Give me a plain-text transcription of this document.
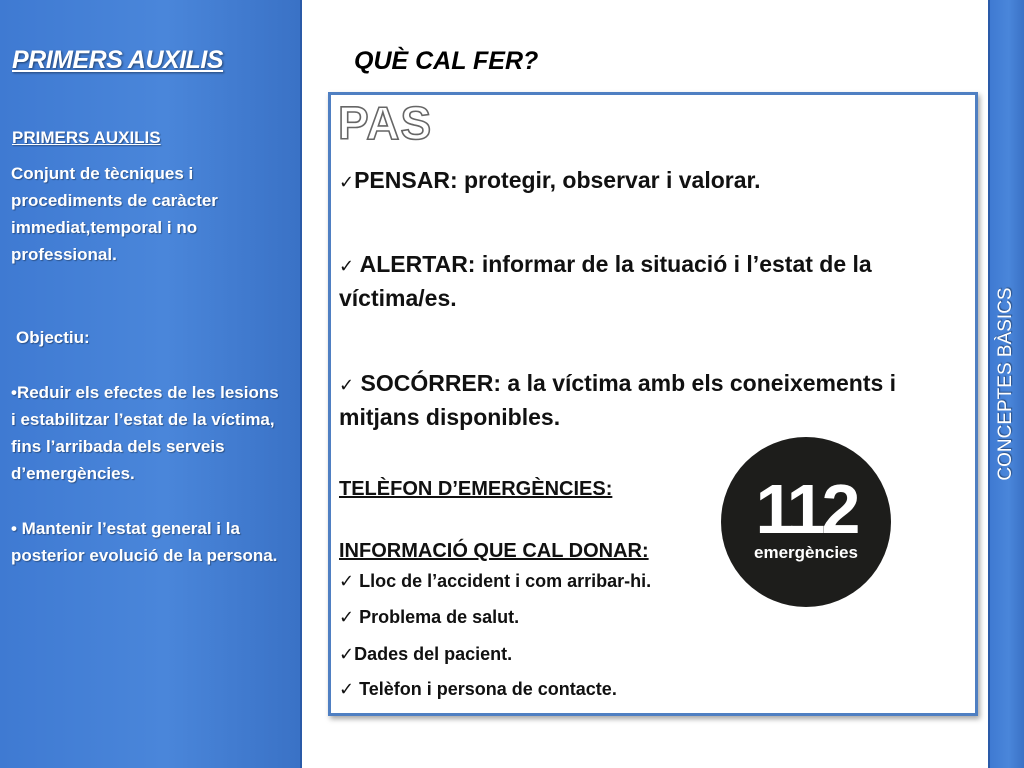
PRIMERS AUXILIS
PRIMERS AUXILIS
Conjunt de tècniques i procediments de caràcter immediat,temporal i no professional.
Objectiu:
•Reduir els efectes de les lesions i estabilitzar l’estat de la víctima, fins l’arribada dels serveis d’emergències.
• Mantenir l’estat general i la posterior evolució de la persona.
CONCEPTES BÀSICS
QUÈ CAL FER?
PAS
✓PENSAR: protegir, observar i valorar.
✓ ALERTAR: informar de la situació i l’estat de la víctima/es.
✓ SOCÓRRER: a la víctima amb els coneixements i mitjans disponibles.
TELÈFON D’EMERGÈNCIES:
INFORMACIÓ QUE CAL DONAR:
✓ Lloc de l’accident i com arribar-hi.
✓ Problema de salut.
✓Dades del pacient.
✓ Telèfon i persona de contacte.
112
emergències
